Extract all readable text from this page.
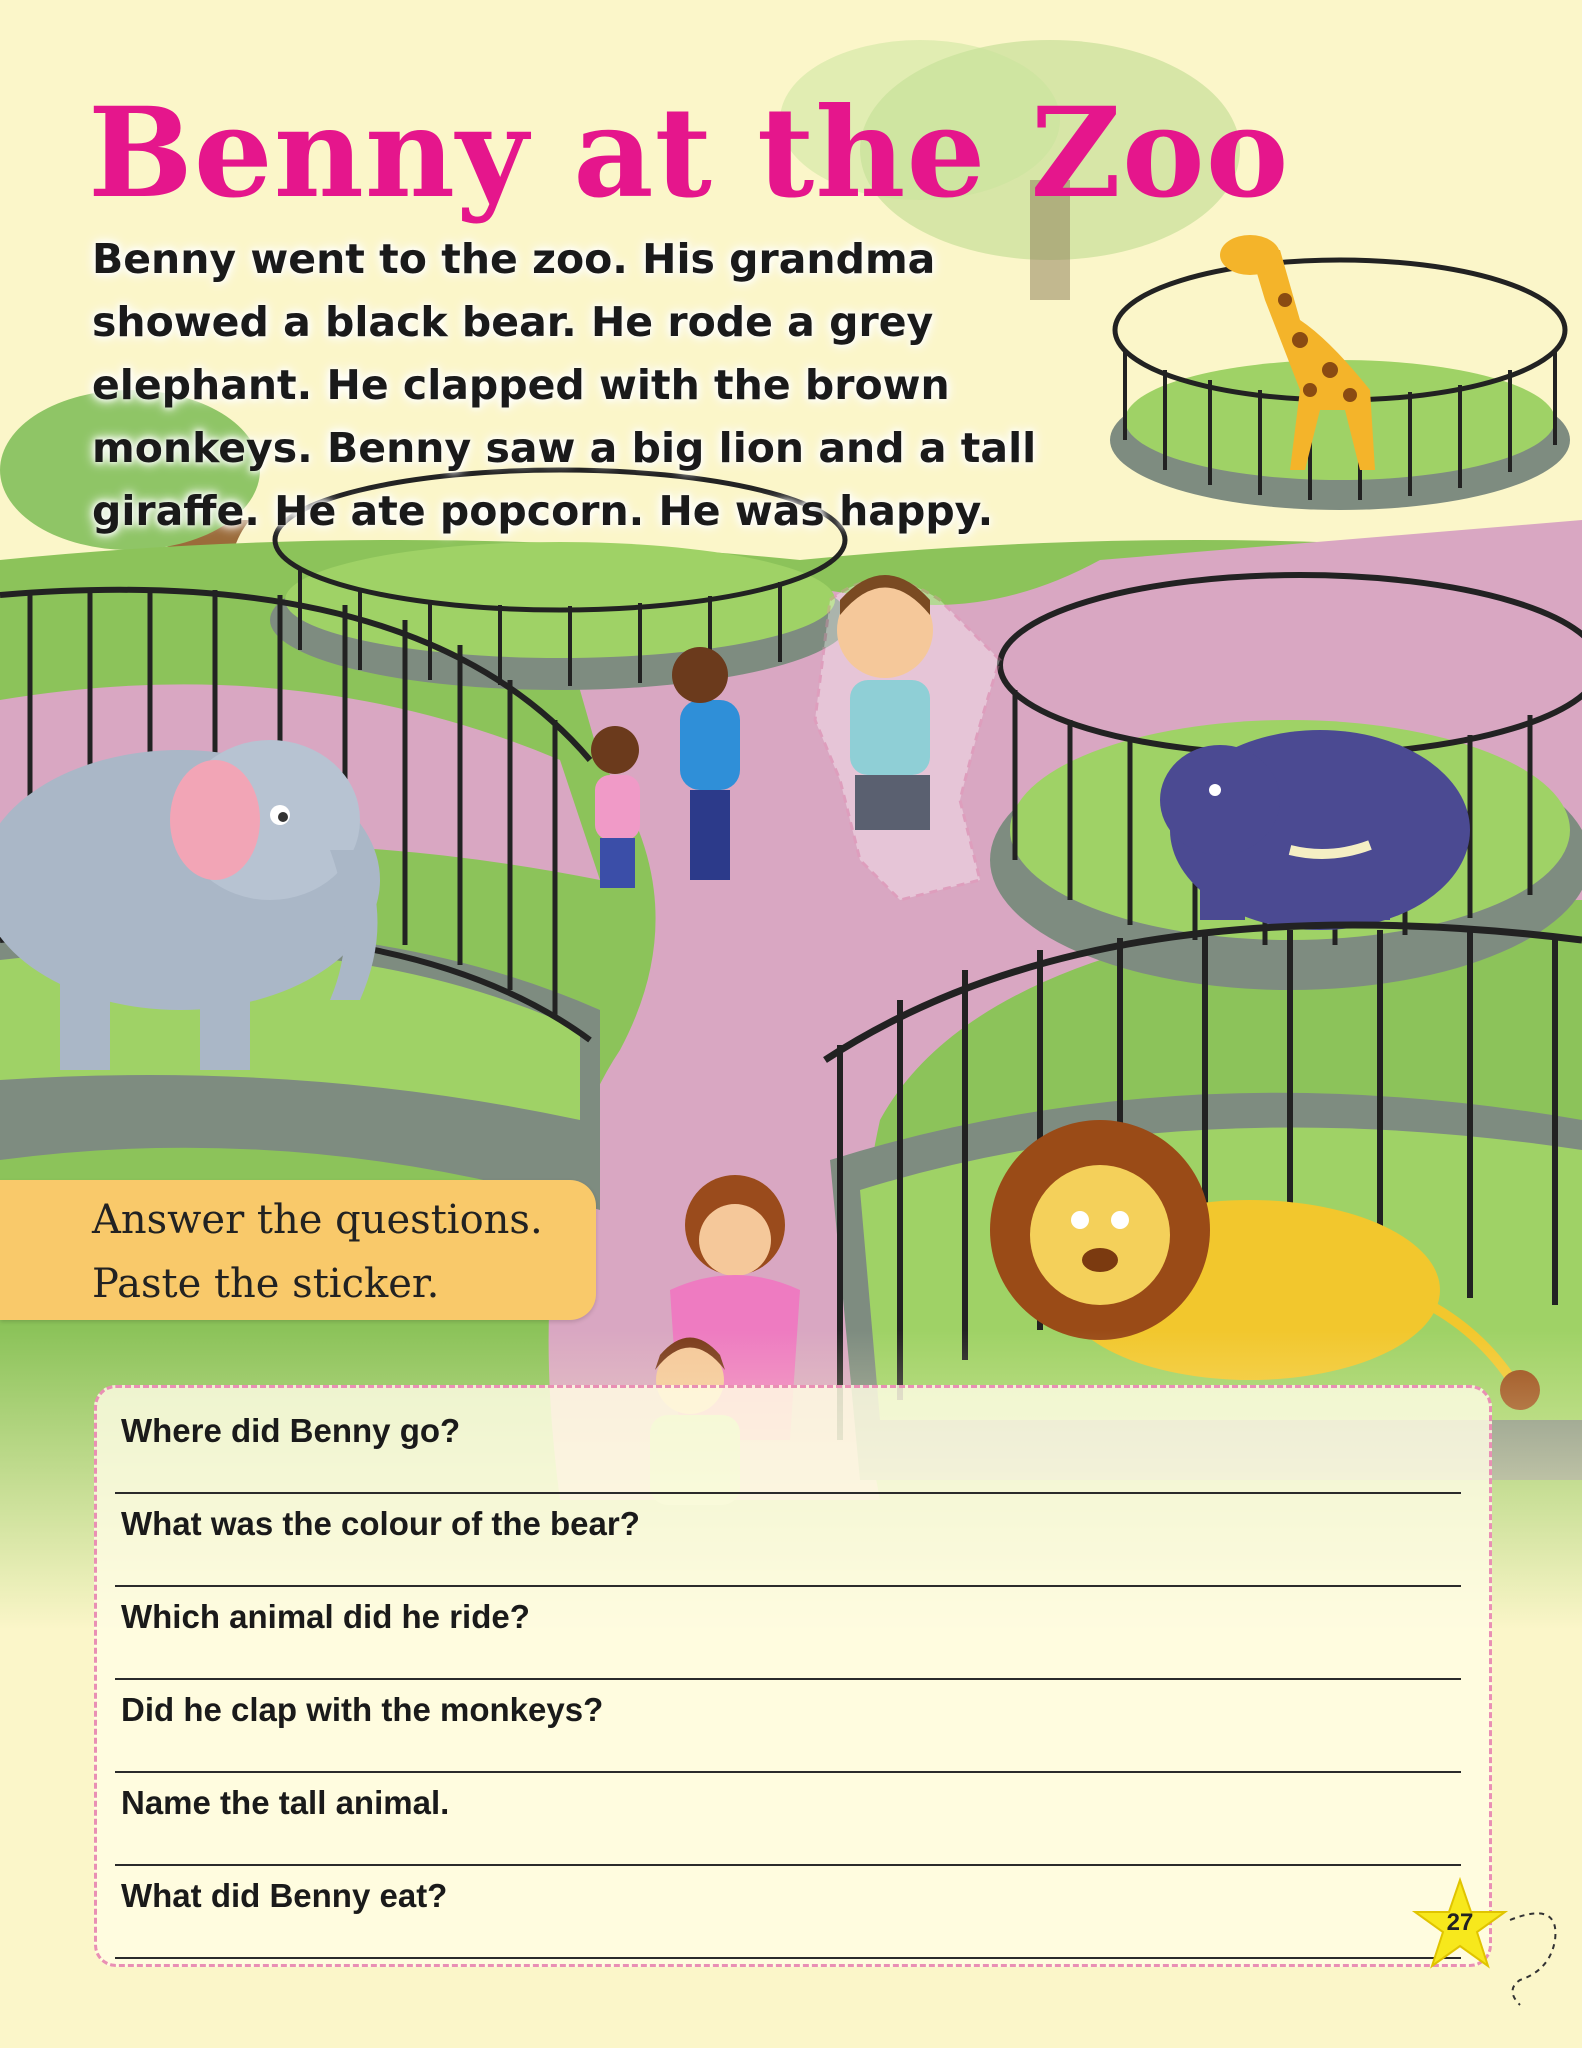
Benny at the Zoo

Benny went to the zoo. His grandma showed a black bear. He rode a grey elephant. He clapped with the brown monkeys. Benny saw a big lion and a tall giraffe. He ate popcorn. He was happy.

Answer the questions.
Paste the sticker.
Where did Benny go?
What was the colour of the bear?
Which animal did he ride?
Did he clap with the monkeys?
Name the tall animal.
What did Benny eat?
27
